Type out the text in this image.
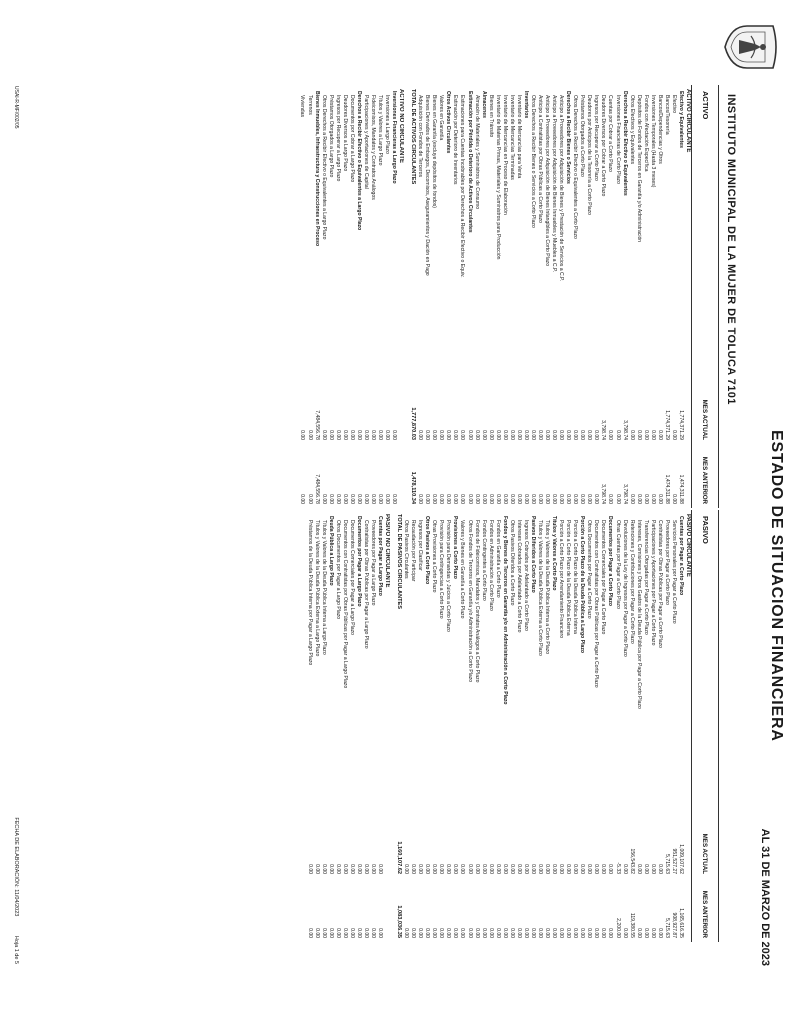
INSTITUTO MUNICIPAL DE LA MUJER DE TOLUCA 7101
ESTADO DE SITUACION FINANCIERA
AL 31 DE MARZO DE 2023
ACTIVO
MES ACTUAL
MES ANTERIOR
ACTIVO CIRCULANTE
Efectivo y Equivalentes
1,774,371.29
1,474,311.88
Efectivo
0.00
0.00
Bancos/Tesorería
1,774,371.29
1,474,311.88
Bancos/Dependencias y Otros
0.00
0.00
Inversiones Temporales (Hasta 3 meses)
0.00
0.00
Fondos con Afectación Específica
0.00
0.00
Depósitos de Fondos de Terceros en Garantía y/o Administración
0.00
0.00
Otros Efectivos y Equivalentes
0.00
0.00
Derechos a Recibir Efectivo o Equivalentes
3,798.74
3,798.74
Inversiones Financieras de Corto Plazo
0.00
0.00
Cuentas por Cobrar a Corto Plazo
0.00
0.00
Deudores Diversos por Cobrar a Corto Plazo
3,798.74
3,798.74
Ingresos por Recuperar a Corto Plazo
0.00
0.00
Deudores por Anticipos de la Tesorería a Corto Plazo
0.00
0.00
Préstamos Otorgados a Corto Plazo
0.00
0.00
Otros Derechos a Recibir Efectivo o Equivalentes a Corto Plazo
0.00
0.00
Derechos a Recibir Bienes o Servicios
0.00
0.00
Anticipo a Proveedores por Adquisición de Bienes y Prestación de Servicios a C.P.
0.00
0.00
Anticipo a Proveedores por Adquisición de Bienes Inmuebles y Muebles a C.P.
0.00
0.00
Anticipo a Proveedores por Adquisición de Bienes Intangibles a Corto Plazo
0.00
0.00
Anticipo a Contratistas por Obras Públicas a Corto Plazo
0.00
0.00
Otros Derechos a Recibir Bienes o Servicios a Corto Plazo
0.00
0.00
Inventarios
0.00
0.00
Inventario de Mercancías para Venta
0.00
0.00
Inventario de Mercancías Terminadas
0.00
0.00
Inventario de Mercancías en Proceso de Elaboración
0.00
0.00
Inventario de Materias Primas, Materiales y Suministros para Producción
0.00
0.00
Bienes en Tránsito
0.00
0.00
Almacenes
0.00
0.00
Almacén de Materiales y Suministros de Consumo
0.00
0.00
Estimación por Pérdida o Deterioro de Activos Circulantes
0.00
0.00
Estimaciones para Cuentas Incobrables por Derechos a Recibir Efectivo o Equiv.
0.00
0.00
Estimación por Deterioro de Inventarios
0.00
0.00
Otros Activos Circulantes
0.00
0.00
Valores en Garantía
0.00
0.00
Bienes en Garantía (excluye depósitos de fondos)
0.00
0.00
Bienes Derivados de Embargos, Decomisos, Aseguramientos y Dación en Pago
0.00
0.00
Adquisición con Fondos de Terceros
0.00
0.00
TOTAL DE ACTIVOS CIRCULANTES
1,777,870.03
1,478,110.34
ACTIVO NO CIRCULANTE
Inversiones Financieras a Largo Plazo
0.00
0.00
Inversiones a Largo Plazo
0.00
0.00
Títulos y Valores a Largo Plazo
0.00
0.00
Fideicomisos, Mandatos y Contratos Análogos
0.00
0.00
Participaciones y Aportaciones de Capital
0.00
0.00
Derechos a Recibir Efectivo o Equivalentes a Largo Plazo
0.00
0.00
Documentos por Cobrar a Largo Plazo
0.00
0.00
Deudores Diversos a Largo Plazo
0.00
0.00
Ingresos por Recuperar a Largo Plazo
0.00
0.00
Préstamos Otorgados a Largo Plazo
0.00
0.00
Otros Derechos a Recibir Efectivo o Equivalentes a Largo Plazo
0.00
0.00
Bienes Inmuebles, Infraestructura y Construcciones en Proceso
7,484,556.78
7,484,556.78
Terrenos
0.00
0.00
Viviendas
0.00
0.00
PASIVO
MES ACTUAL
MES ANTERIOR
PASIVO CIRCULANTE
Cuentas por Pagar a Corto Plazo
1,009,107.62
1,165,616.35
Servicios Personales por Pagar a Corto Plazo
951,527.27
908,927.87
Proveedores por Pagar a Corto Plazo
5,715.63
5,715.63
Contratistas por Obras Públicas por Pagar a Corto Plazo
0.00
0.00
Participaciones y Aportaciones por Pagar a Corto Plazo
0.00
0.00
Transferencias Otorgadas por Pagar a Corto Plazo
0.00
0.00
Intereses, Comisiones y Otros Gastos de la Deuda Pública por Pagar a Corto Plazo
0.00
0.00
Retenciones y Contribuciones por Pagar a Corto Plazo
156,543.82
119,380.55
Devoluciones de la Ley de Ingresos por Pagar a Corto Plazo
0.00
0.00
Otras Cuentas por Pagar a Corto Plazo
-5.33
2,200.00
Documentos por Pagar a Corto Plazo
0.00
0.00
Documentos Comerciales por Pagar a Corto Plazo
0.00
0.00
Documentos con Contratistas por Obras Públicas por Pagar a Corto Plazo
0.00
0.00
Otros Documentos por Pagar a Corto Plazo
0.00
0.00
Porción a Corto Plazo de la Deuda Pública a Largo Plazo
0.00
0.00
Porción a Corto Plazo de la Deuda Pública Interna
0.00
0.00
Porción a Corto Plazo de la Deuda Pública Externa
0.00
0.00
Porción a Corto Plazo por Arrendamiento Financiero
0.00
0.00
Títulos y Valores a Corto Plazo
0.00
0.00
Títulos y Valores de la Deuda Pública Interna a Corto Plazo
0.00
0.00
Títulos y Valores de la Deuda Pública Externa a Corto Plazo
0.00
0.00
Pasivos Diferidos a Corto Plazo
0.00
0.00
Ingresos Cobrados por Adelantado a Corto Plazo
0.00
0.00
Intereses Cobrados por Adelantado a Corto Plazo
0.00
0.00
Otros Pasivos Diferidos a Corto Plazo
0.00
0.00
Fondos y Bienes de Terceros en Garantía y/o en Administración a Corto Plazo
0.00
0.00
Fondos en Garantía a Corto Plazo
0.00
0.00
Fondos en Administración a Corto Plazo
0.00
0.00
Fondos Contingentes a Corto Plazo
0.00
0.00
Fondos de Fideicomisos, Mandatos y Contratos Análogos a Corto Plazo
0.00
0.00
Otros Fondos de Terceros en Garantía y/o Administración a Corto Plazo
0.00
0.00
Valores y Bienes en Garantía a Corto Plazo
0.00
0.00
Provisiones a Corto Plazo
0.00
0.00
Provisión para Demandas y Juicios a Corto Plazo
0.00
0.00
Provisión para Contingencias a Corto Plazo
0.00
0.00
Otras Provisiones a Corto Plazo
0.00
0.00
Otros Pasivos a Corto Plazo
0.00
0.00
Ingresos por Clasificar
0.00
0.00
Recaudación por Participar
0.00
0.00
Otros Pasivos Circulantes
0.00
0.00
TOTAL DE PASIVOS CIRCULANTES
1,160,107.62
1,083,036.35
PASIVO NO CIRCULANTE
Cuentas por Pagar a Largo Plazo
0.00
0.00
Proveedores por Pagar a Largo Plazo
0.00
0.00
Contratistas por Obras Públicas por Pagar a Largo Plazo
0.00
0.00
Documentos por Pagar a Largo Plazo
0.00
0.00
Documentos Comerciales por Pagar a Largo Plazo
0.00
0.00
Documentos con Contratistas por Obras Públicas por Pagar a Largo Plazo
0.00
0.00
Otros Documentos por Pagar a Largo Plazo
0.00
0.00
Deuda Pública a Largo Plazo
0.00
0.00
Títulos y Valores de la Deuda Pública Interna a Largo Plazo
0.00
0.00
Títulos y Valores de la Deuda Pública Externa a Largo Plazo
0.00
0.00
Préstamos de la Deuda Pública Interna por Pagar a Largo Plazo
0.00
0.00
USAI-R-MF/002/05
FECHA DE ELABORACIÓN: 11/04/2023 Hoja 1 de 5
